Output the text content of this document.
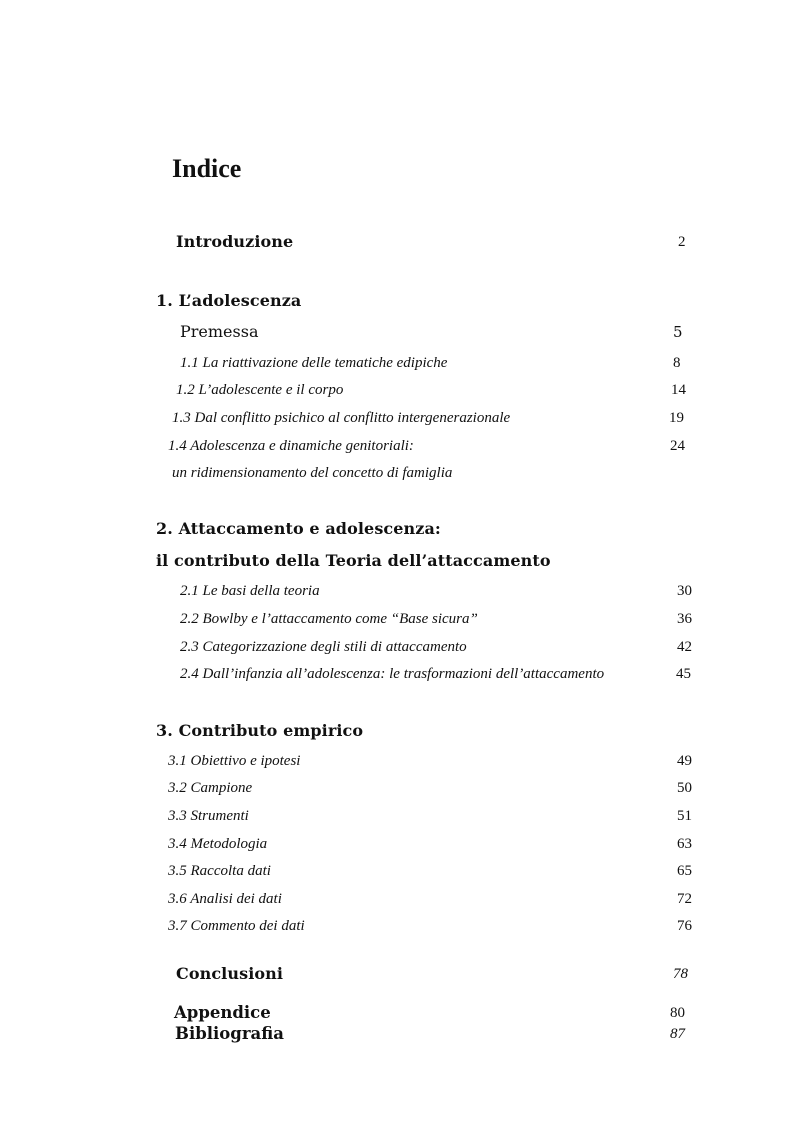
Indice
Introduzione	2
1. L’adolescenza
Premessa	5
1.1 La riattivazione delle tematiche edipiche	8
1.2 L’adolescente e il corpo	14
1.3 Dal conflitto psichico al conflitto intergenerazionale	19
1.4 Adolescenza e dinamiche genitoriali:	24
un ridimensionamento del concetto di famiglia
2. Attaccamento e adolescenza:
il contributo della Teoria dell’attaccamento
2.1 Le basi della teoria	30
2.2 Bowlby e l’attaccamento come “Base sicura”	36
2.3 Categorizzazione degli stili di attaccamento	42
2.4 Dall’infanzia all’adolescenza: le trasformazioni dell’attaccamento	45
3. Contributo empirico
3.1 Obiettivo e ipotesi	49
3.2 Campione	50
3.3 Strumenti	51
3.4 Metodologia	63
3.5 Raccolta dati	65
3.6 Analisi dei dati	72
3.7 Commento dei dati	76
Conclusioni	78
Appendice	80
Bibliografia	87
